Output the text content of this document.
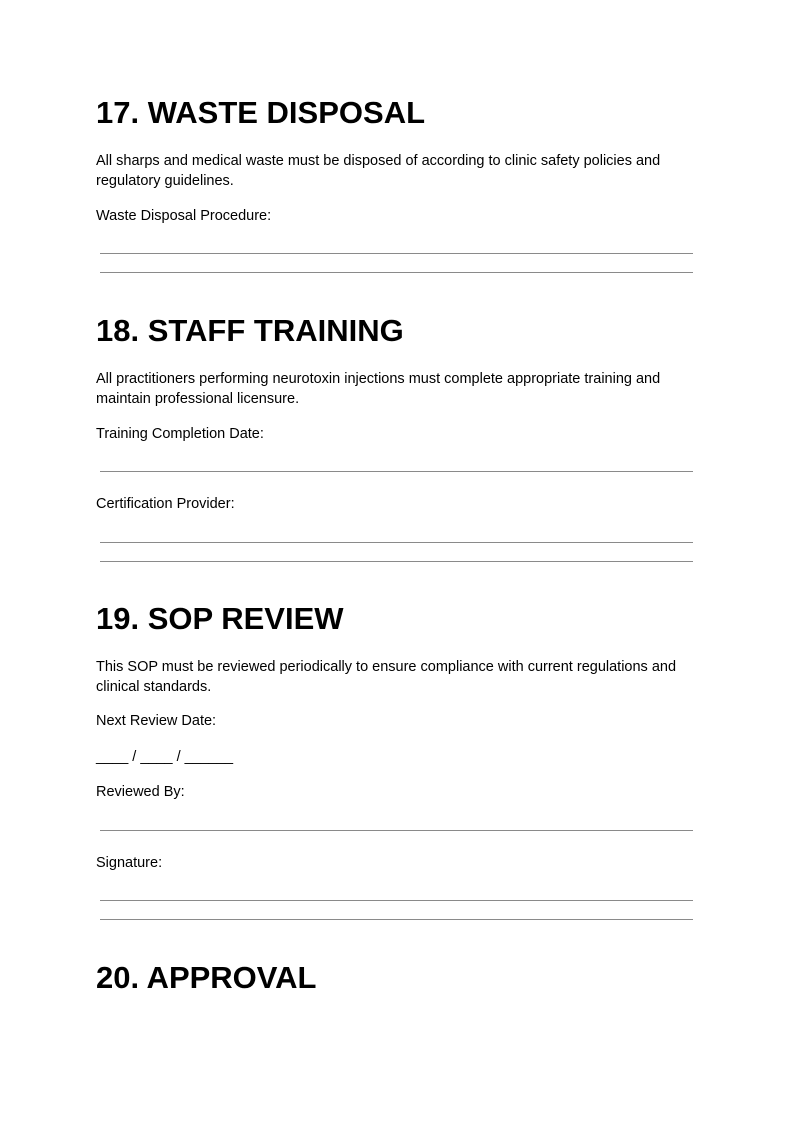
17. WASTE DISPOSAL

All sharps and medical waste must be disposed of according to clinic safety policies and regulatory guidelines.

Waste Disposal Procedure:

18. STAFF TRAINING

All practitioners performing neurotoxin injections must complete appropriate training and maintain professional licensure.

Training Completion Date:

Certification Provider:

19. SOP REVIEW

This SOP must be reviewed periodically to ensure compliance with current regulations and clinical standards.

Next Review Date:

____ / ____ / ______

Reviewed By:

Signature:

20. APPROVAL
